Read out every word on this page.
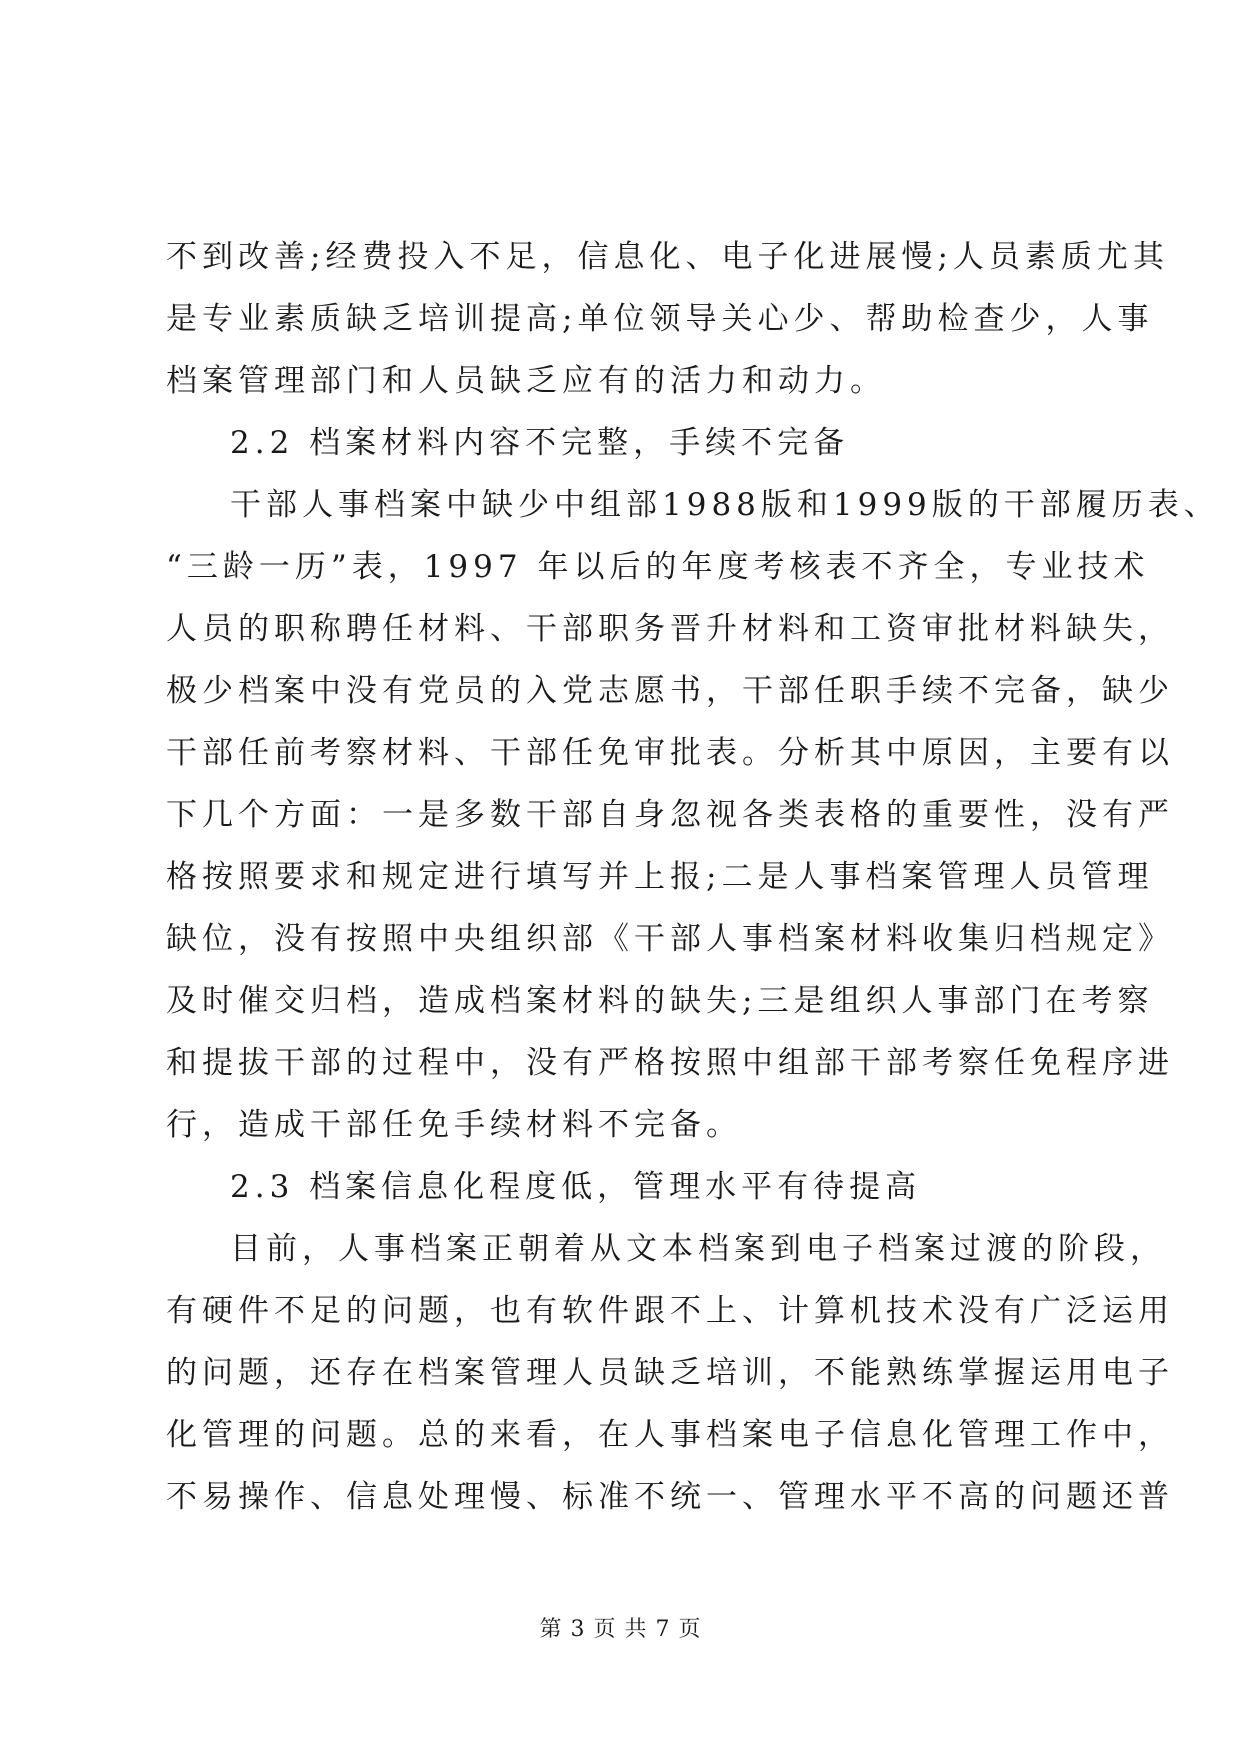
不到改善;经费投入不足，信息化、电子化进展慢;人员素质尤其
是专业素质缺乏培训提高;单位领导关心少、帮助检查少，人事
档案管理部门和人员缺乏应有的活力和动力。
2.2 档案材料内容不完整，手续不完备
干部人事档案中缺少中组部1988版和1999版的干部履历表、
“三龄一历”表，1997 年以后的年度考核表不齐全，专业技术
人员的职称聘任材料、干部职务晋升材料和工资审批材料缺失，
极少档案中没有党员的入党志愿书，干部任职手续不完备，缺少
干部任前考察材料、干部任免审批表。分析其中原因，主要有以
下几个方面：一是多数干部自身忽视各类表格的重要性，没有严
格按照要求和规定进行填写并上报;二是人事档案管理人员管理
缺位，没有按照中央组织部《干部人事档案材料收集归档规定》
及时催交归档，造成档案材料的缺失;三是组织人事部门在考察
和提拔干部的过程中，没有严格按照中组部干部考察任免程序进
行，造成干部任免手续材料不完备。
2.3 档案信息化程度低，管理水平有待提高
目前，人事档案正朝着从文本档案到电子档案过渡的阶段，
有硬件不足的问题，也有软件跟不上、计算机技术没有广泛运用
的问题，还存在档案管理人员缺乏培训，不能熟练掌握运用电子
化管理的问题。总的来看，在人事档案电子信息化管理工作中，
不易操作、信息处理慢、标准不统一、管理水平不高的问题还普
第 3 页 共 7 页
